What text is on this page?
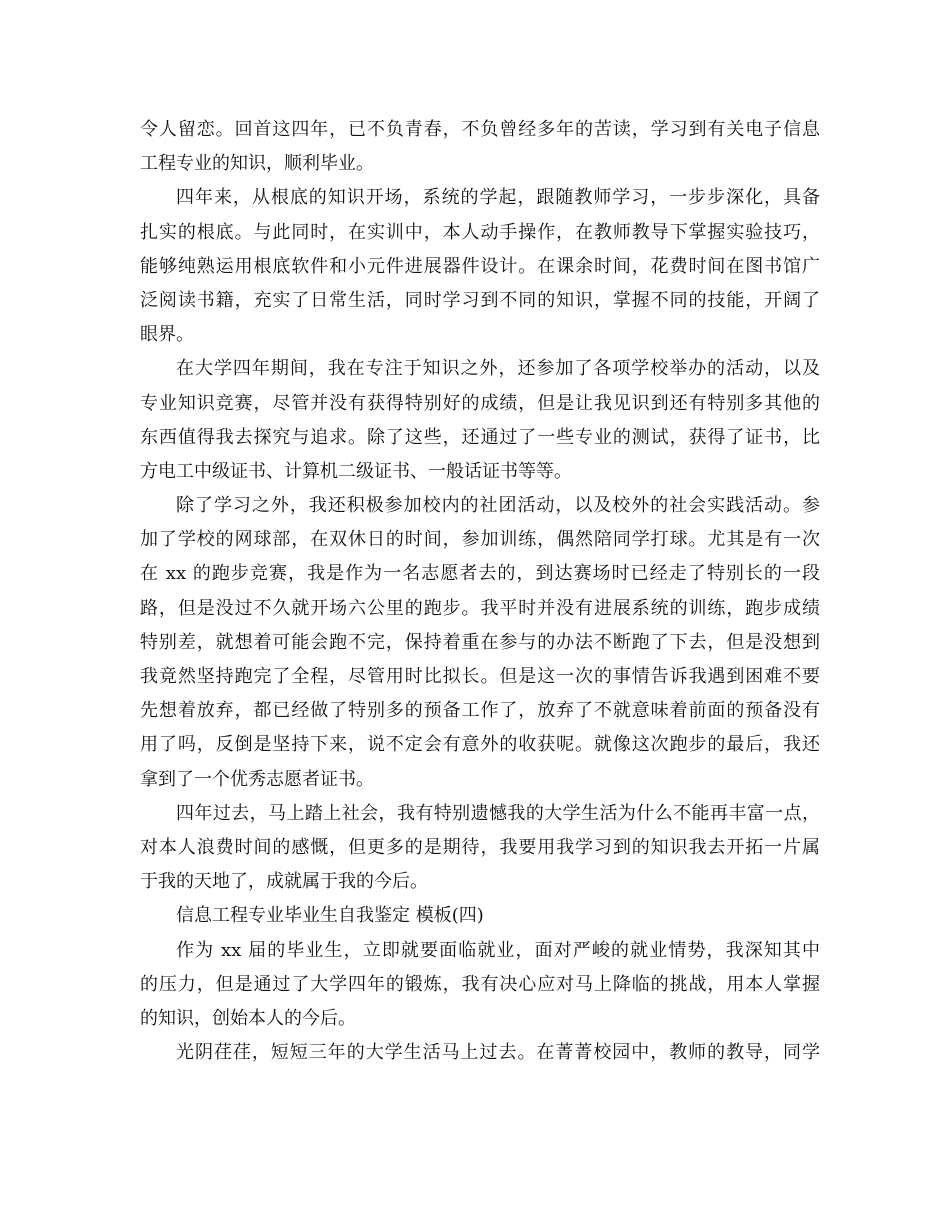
令人留恋。回首这四年，已不负青春，不负曾经多年的苦读，学习到有关电子信息
工程专业的知识，顺利毕业。
四年来，从根底的知识开场，系统的学起，跟随教师学习，一步步深化，具备
扎实的根底。与此同时，在实训中，本人动手操作，在教师教导下掌握实验技巧，
能够纯熟运用根底软件和小元件进展器件设计。在课余时间，花费时间在图书馆广
泛阅读书籍，充实了日常生活，同时学习到不同的知识，掌握不同的技能，开阔了
眼界。
在大学四年期间，我在专注于知识之外，还参加了各项学校举办的活动，以及
专业知识竞赛，尽管并没有获得特别好的成绩，但是让我见识到还有特别多其他的
东西值得我去探究与追求。除了这些，还通过了一些专业的测试，获得了证书，比
方电工中级证书、计算机二级证书、一般话证书等等。
除了学习之外，我还积极参加校内的社团活动，以及校外的社会实践活动。参
加了学校的网球部，在双休日的时间，参加训练，偶然陪同学打球。尤其是有一次
在 xx 的跑步竞赛，我是作为一名志愿者去的，到达赛场时已经走了特别长的一段
路，但是没过不久就开场六公里的跑步。我平时并没有进展系统的训练，跑步成绩
特别差，就想着可能会跑不完，保持着重在参与的办法不断跑了下去，但是没想到
我竟然坚持跑完了全程，尽管用时比拟长。但是这一次的事情告诉我遇到困难不要
先想着放弃，都已经做了特别多的预备工作了，放弃了不就意味着前面的预备没有
用了吗，反倒是坚持下来，说不定会有意外的收获呢。就像这次跑步的最后，我还
拿到了一个优秀志愿者证书。
四年过去，马上踏上社会，我有特别遗憾我的大学生活为什么不能再丰富一点，
对本人浪费时间的感慨，但更多的是期待，我要用我学习到的知识我去开拓一片属
于我的天地了，成就属于我的今后。
信息工程专业毕业生自我鉴定 模板(四)
作为 xx 届的毕业生，立即就要面临就业，面对严峻的就业情势，我深知其中
的压力，但是通过了大学四年的锻炼，我有决心应对马上降临的挑战，用本人掌握
的知识，创始本人的今后。
光阴荏荏，短短三年的大学生活马上过去。在菁菁校园中，教师的教导，同学
